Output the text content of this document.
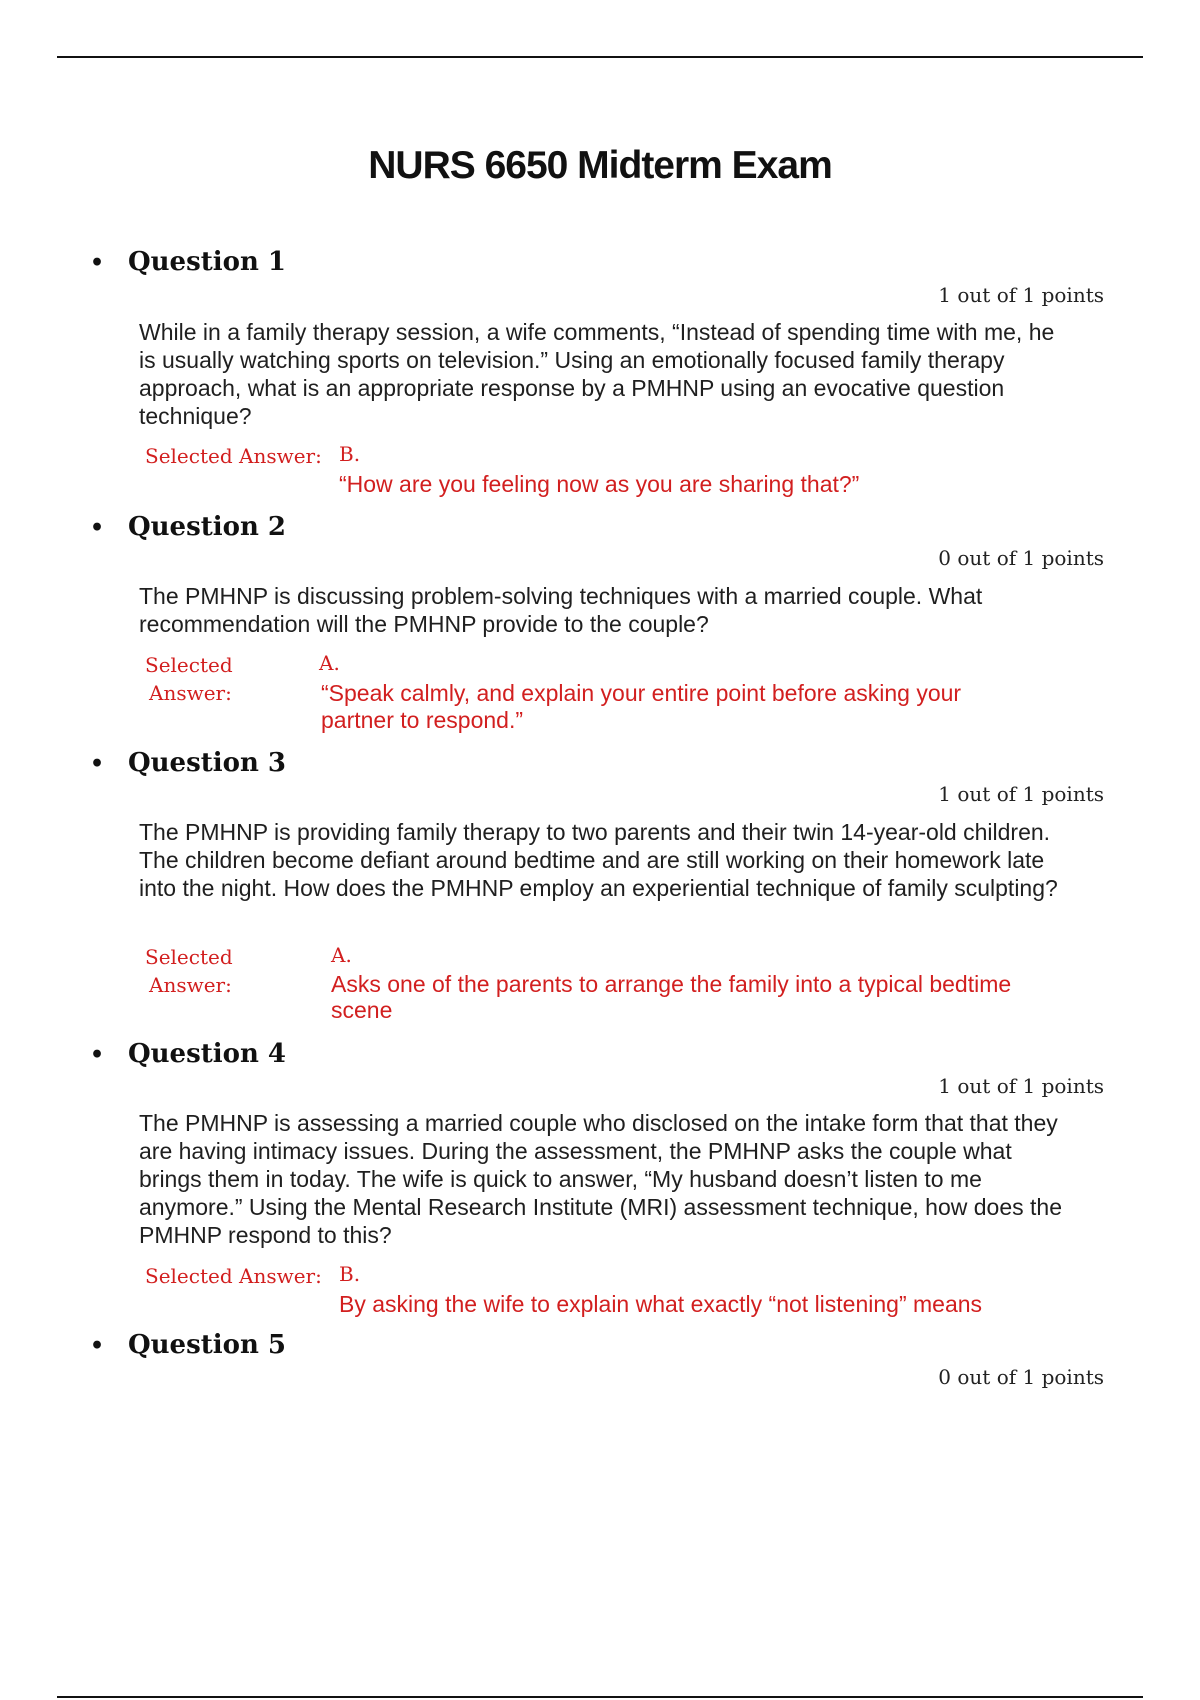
NURS 6650 Midterm Exam
• Question 1
1 out of 1 points
While in a family therapy session, a wife comments, “Instead of spending time with me, he is usually watching sports on television.” Using an emotionally focused family therapy approach, what is an appropriate response by a PMHNP using an evocative question technique?
Selected Answer: B.
“How are you feeling now as you are sharing that?”
• Question 2
0 out of 1 points
The PMHNP is discussing problem-solving techniques with a married couple. What recommendation will the PMHNP provide to the couple?
Selected
Answer:
A.
“Speak calmly, and explain your entire point before asking your partner to respond.”
• Question 3
1 out of 1 points
The PMHNP is providing family therapy to two parents and their twin 14-year-old children. The children become defiant around bedtime and are still working on their homework late into the night. How does the PMHNP employ an experiential technique of family sculpting?
Selected
Answer:
A.
Asks one of the parents to arrange the family into a typical bedtime scene
• Question 4
1 out of 1 points
The PMHNP is assessing a married couple who disclosed on the intake form that that they are having intimacy issues. During the assessment, the PMHNP asks the couple what brings them in today. The wife is quick to answer, “My husband doesn’t listen to me anymore.” Using the Mental Research Institute (MRI) assessment technique, how does the PMHNP respond to this?
Selected Answer: B.
By asking the wife to explain what exactly “not listening” means
• Question 5
0 out of 1 points
